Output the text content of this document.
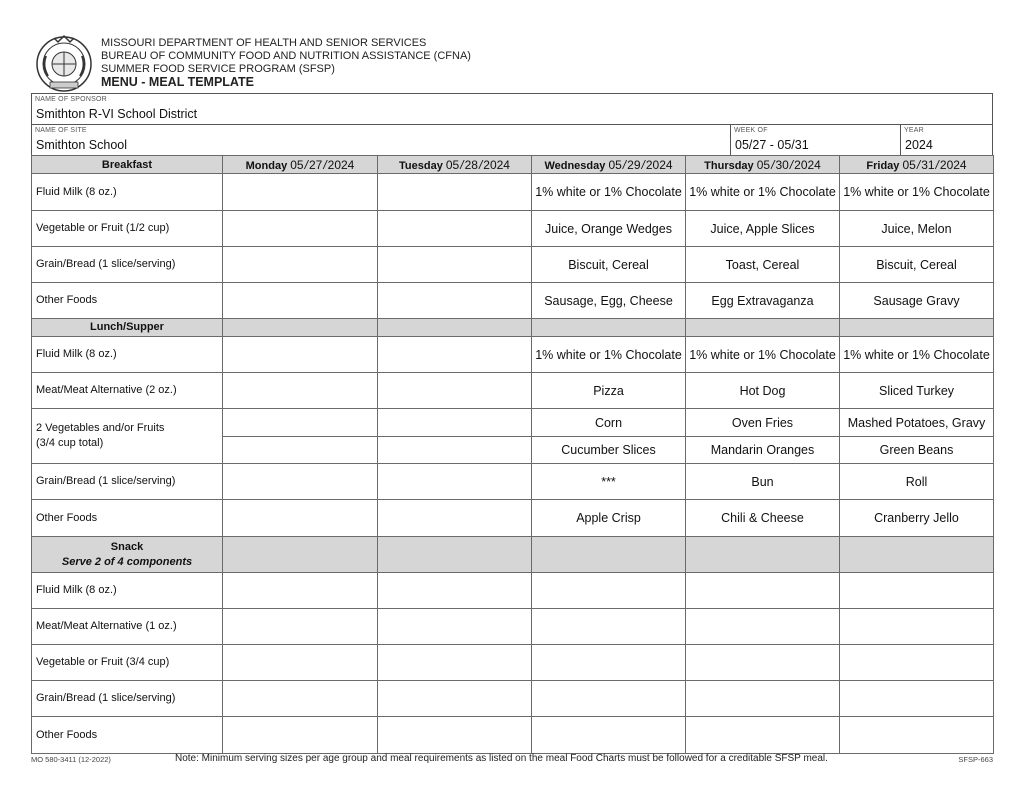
MISSOURI DEPARTMENT OF HEALTH AND SENIOR SERVICES
BUREAU OF COMMUNITY FOOD AND NUTRITION ASSISTANCE (CFNA)
SUMMER FOOD SERVICE PROGRAM (SFSP)
MENU - MEAL TEMPLATE
NAME OF SPONSOR
Smithton R-VI School District
NAME OF SITE
Smithton School
WEEK OF
05/27 - 05/31
YEAR
2024
Breakfast	Monday 05/27/2024	Tuesday 05/28/2024	Wednesday 05/29/2024	Thursday 05/30/2024	Friday 05/31/2024
Fluid Milk (8 oz.)			1% white or 1% Chocolate	1% white or 1% Chocolate	1% white or 1% Chocolate
Vegetable or Fruit (1/2 cup)			Juice, Orange Wedges	Juice, Apple Slices	Juice, Melon
Grain/Bread (1 slice/serving)			Biscuit, Cereal	Toast, Cereal	Biscuit, Cereal
Other Foods			Sausage, Egg, Cheese	Egg Extravaganza	Sausage Gravy
Lunch/Supper					
Fluid Milk (8 oz.)			1% white or 1% Chocolate	1% white or 1% Chocolate	1% white or 1% Chocolate
Meat/Meat Alternative (2 oz.)			Pizza	Hot Dog	Sliced Turkey

2 Vegetables and/or Fruits
(3/4 cup total)			Corn	Oven Fries	Mashed Potatoes, Gravy
			Cucumber Slices	Mandarin Oranges	Green Beans
Grain/Bread (1 slice/serving)			***	Bun	Roll
Other Foods			Apple Crisp	Chili & Cheese	Cranberry Jello

Snack
Serve 2 of 4 components					

Fluid Milk (8 oz.)					
Meat/Meat Alternative (1 oz.)					
Vegetable or Fruit (3/4 cup)					
Grain/Bread (1 slice/serving)					
Other Foods					
MO 580-3411 (12-2022)	Note: Minimum serving sizes per age group and meal requirements as listed on the meal Food Charts must be followed for a creditable SFSP meal.	SFSP-663
